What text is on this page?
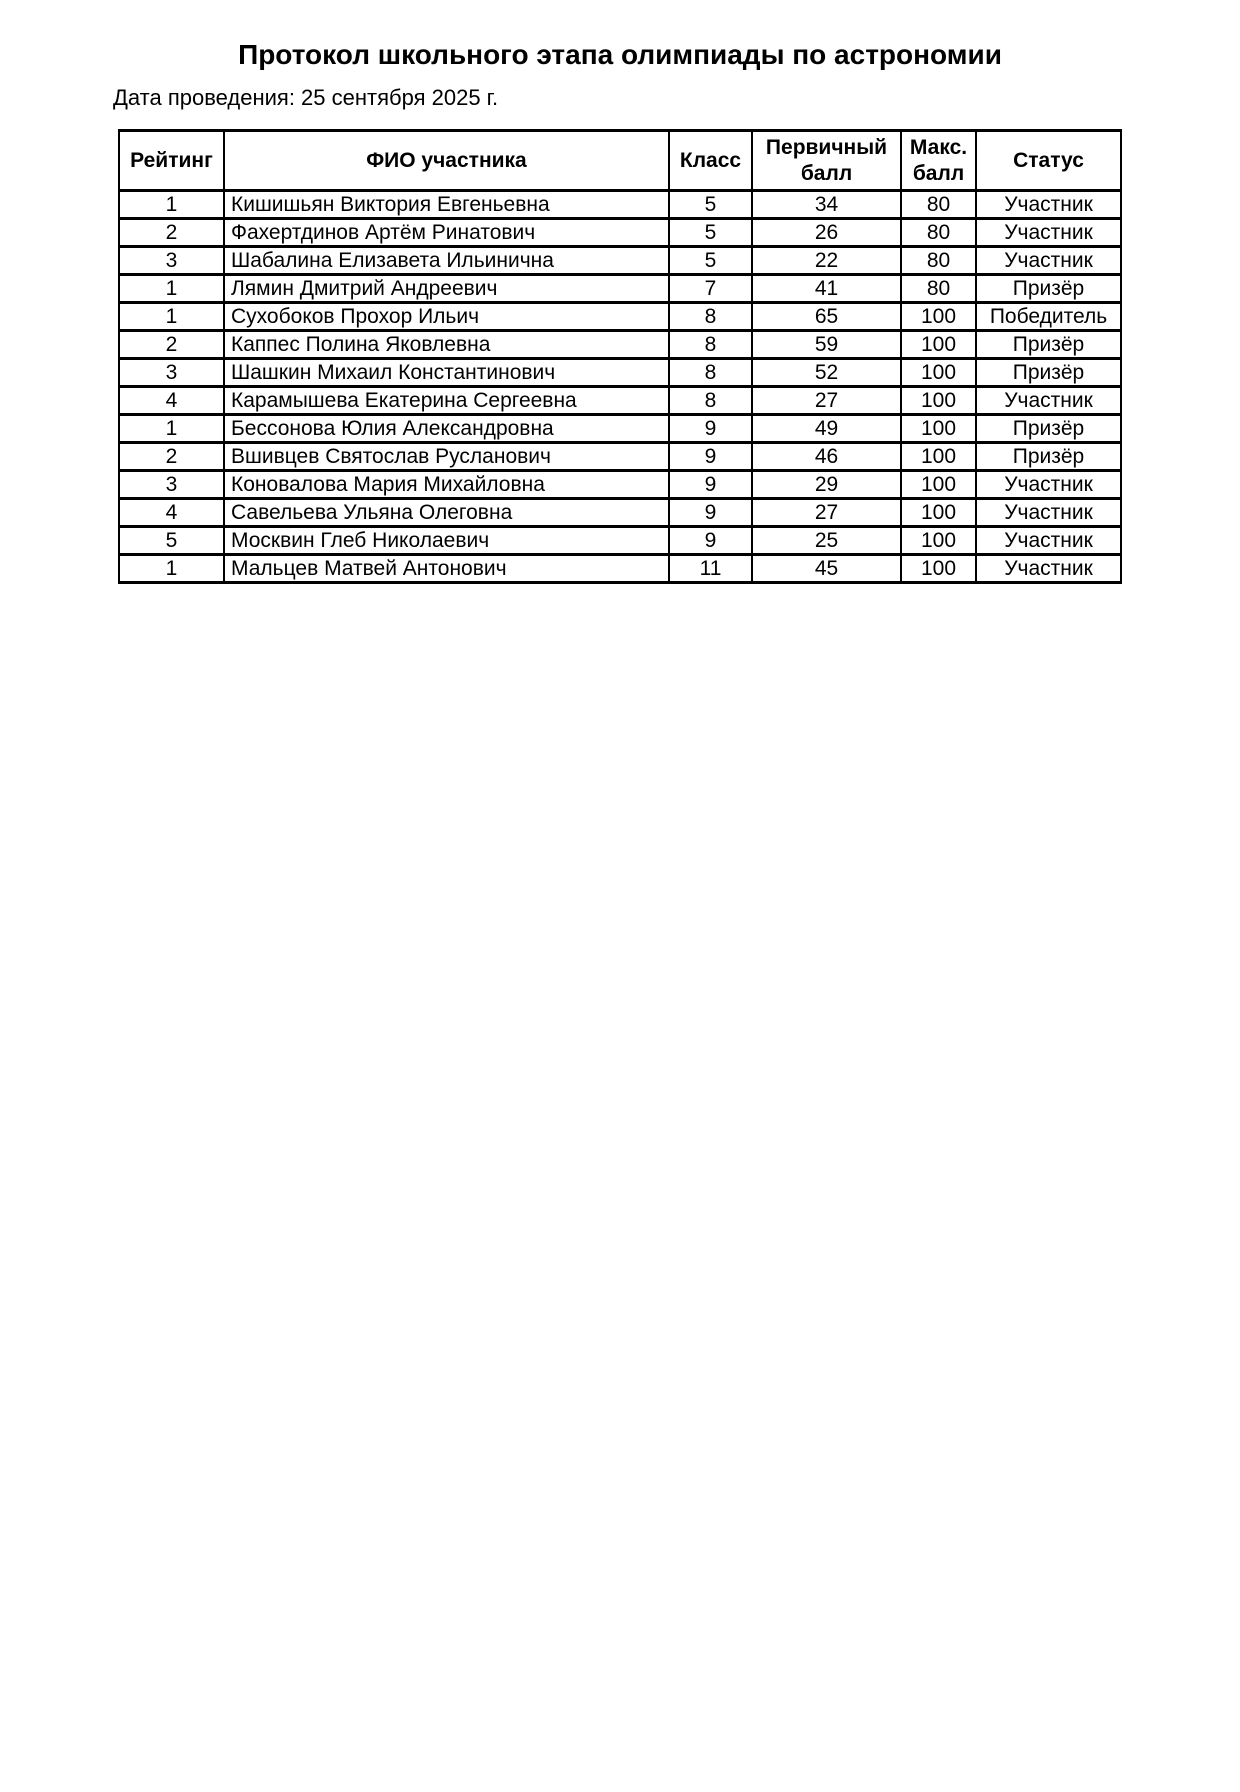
Протокол школьного этапа олимпиады по астрономии
Дата проведения: 25 сентября 2025 г.
Рейтинг	ФИО участника	Класс	Первичный балл	Макс. балл	Статус
1	Кишишьян Виктория Евгеньевна	5	34	80	Участник
2	Фахертдинов Артём Ринатович	5	26	80	Участник
3	Шабалина Елизавета Ильинична	5	22	80	Участник
1	Лямин Дмитрий Андреевич	7	41	80	Призёр
1	Сухобоков Прохор Ильич	8	65	100	Победитель
2	Каппес Полина Яковлевна	8	59	100	Призёр
3	Шашкин Михаил Константинович	8	52	100	Призёр
4	Карамышева Екатерина Сергеевна	8	27	100	Участник
1	Бессонова Юлия Александровна	9	49	100	Призёр
2	Вшивцев Святослав Русланович	9	46	100	Призёр
3	Коновалова Мария Михайловна	9	29	100	Участник
4	Савельева Ульяна Олеговна	9	27	100	Участник
5	Москвин Глеб Николаевич	9	25	100	Участник
1	Мальцев Матвей Антонович	11	45	100	Участник
